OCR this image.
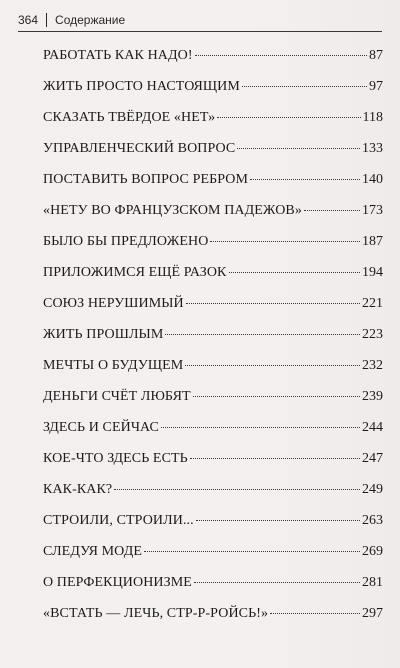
364 Содержание
РАБОТАТЬ КАК НАДО!	87
ЖИТЬ ПРОСТО НАСТОЯЩИМ	97
СКАЗАТЬ ТВЁРДОЕ «НЕТ»	118
УПРАВЛЕНЧЕСКИЙ ВОПРОС	133
ПОСТАВИТЬ ВОПРОС РЕБРОМ	140
«НЕТУ ВО ФРАНЦУЗСКОМ ПАДЕЖОВ»	173
БЫЛО БЫ ПРЕДЛОЖЕНО	187
ПРИЛОЖИМСЯ ЕЩЁ РАЗОК	194
СОЮЗ НЕРУШИМЫЙ	221
ЖИТЬ ПРОШЛЫМ	223
МЕЧТЫ О БУДУЩЕМ	232
ДЕНЬГИ СЧЁТ ЛЮБЯТ	239
ЗДЕСЬ И СЕЙЧАС	244
КОЕ-ЧТО ЗДЕСЬ ЕСТЬ	247
КАК-КАК?	249
СТРОИЛИ, СТРОИЛИ...	263
СЛЕДУЯ МОДЕ	269
О ПЕРФЕКЦИОНИЗМЕ	281
«ВСТАТЬ — ЛЕЧЬ, СТР-Р-РОЙСЬ!»	297
